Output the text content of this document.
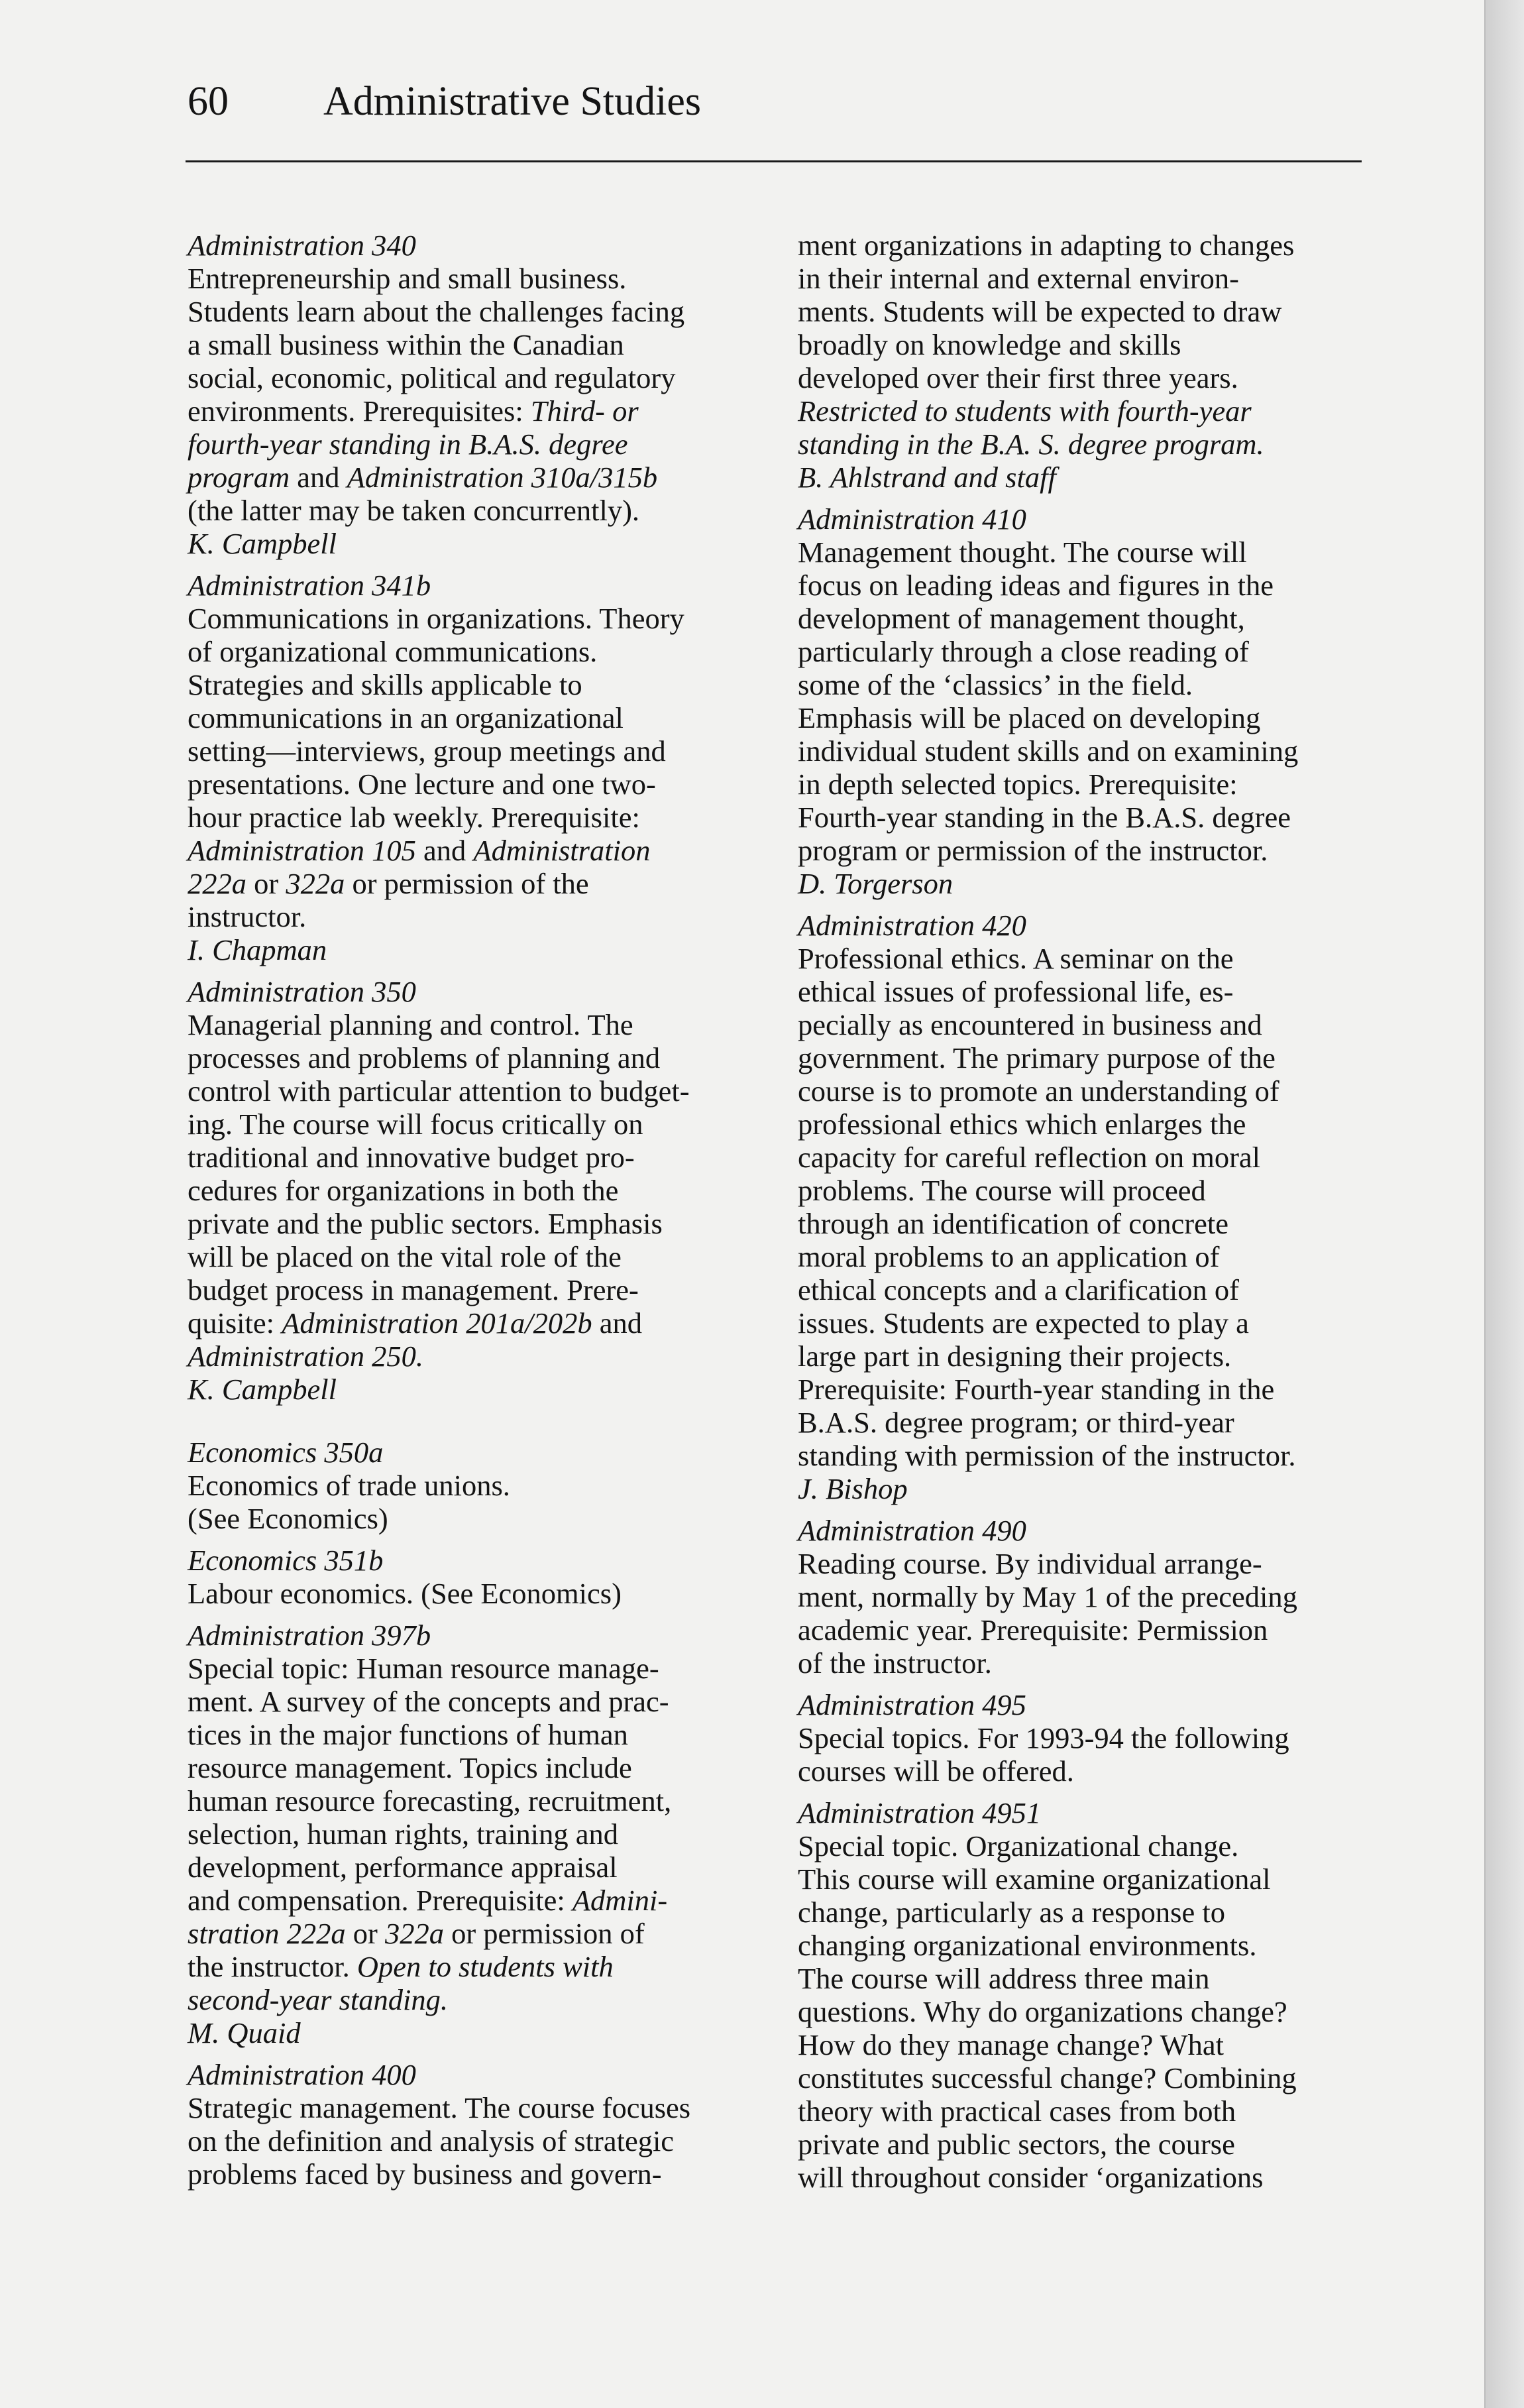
60 Administrative Studies
Administration 340
Entrepreneurship and small business.
Students learn about the challenges facing
a small business within the Canadian
social, economic, political and regulatory
environments. Prerequisites: Third- or
fourth-year standing in B.A.S. degree
program and Administration 310a/315b
(the latter may be taken concurrently).
K. Campbell
Administration 341b
Communications in organizations. Theory
of organizational communications.
Strategies and skills applicable to
communications in an organizational
setting—interviews, group meetings and
presentations. One lecture and one two-
hour practice lab weekly. Prerequisite:
Administration 105 and Administration
222a or 322a or permission of the
instructor.
I. Chapman
Administration 350
Managerial planning and control. The
processes and problems of planning and
control with particular attention to budget-
ing. The course will focus critically on
traditional and innovative budget pro-
cedures for organizations in both the
private and the public sectors. Emphasis
will be placed on the vital role of the
budget process in management. Prere-
quisite: Administration 201a/202b and
Administration 250.
K. Campbell
Economics 350a
Economics of trade unions.
(See Economics)
Economics 351b
Labour economics. (See Economics)
Administration 397b
Special topic: Human resource manage-
ment. A survey of the concepts and prac-
tices in the major functions of human
resource management. Topics include
human resource forecasting, recruitment,
selection, human rights, training and
development, performance appraisal
and compensation. Prerequisite: Admini-
stration 222a or 322a or permission of
the instructor. Open to students with
second-year standing.
M. Quaid
Administration 400
Strategic management. The course focuses
on the definition and analysis of strategic
problems faced by business and govern-
ment organizations in adapting to changes
in their internal and external environ-
ments. Students will be expected to draw
broadly on knowledge and skills
developed over their first three years.
Restricted to students with fourth-year
standing in the B.A. S. degree program.
B. Ahlstrand and staff
Administration 410
Management thought. The course will
focus on leading ideas and figures in the
development of management thought,
particularly through a close reading of
some of the ‘classics’ in the field.
Emphasis will be placed on developing
individual student skills and on examining
in depth selected topics. Prerequisite:
Fourth-year standing in the B.A.S. degree
program or permission of the instructor.
D. Torgerson
Administration 420
Professional ethics. A seminar on the
ethical issues of professional life, es-
pecially as encountered in business and
government. The primary purpose of the
course is to promote an understanding of
professional ethics which enlarges the
capacity for careful reflection on moral
problems. The course will proceed
through an identification of concrete
moral problems to an application of
ethical concepts and a clarification of
issues. Students are expected to play a
large part in designing their projects.
Prerequisite: Fourth-year standing in the
B.A.S. degree program; or third-year
standing with permission of the instructor.
J. Bishop
Administration 490
Reading course. By individual arrange-
ment, normally by May 1 of the preceding
academic year. Prerequisite: Permission
of the instructor.
Administration 495
Special topics. For 1993-94 the following
courses will be offered.
Administration 4951
Special topic. Organizational change.
This course will examine organizational
change, particularly as a response to
changing organizational environments.
The course will address three main
questions. Why do organizations change?
How do they manage change? What
constitutes successful change? Combining
theory with practical cases from both
private and public sectors, the course
will throughout consider ‘organizations
